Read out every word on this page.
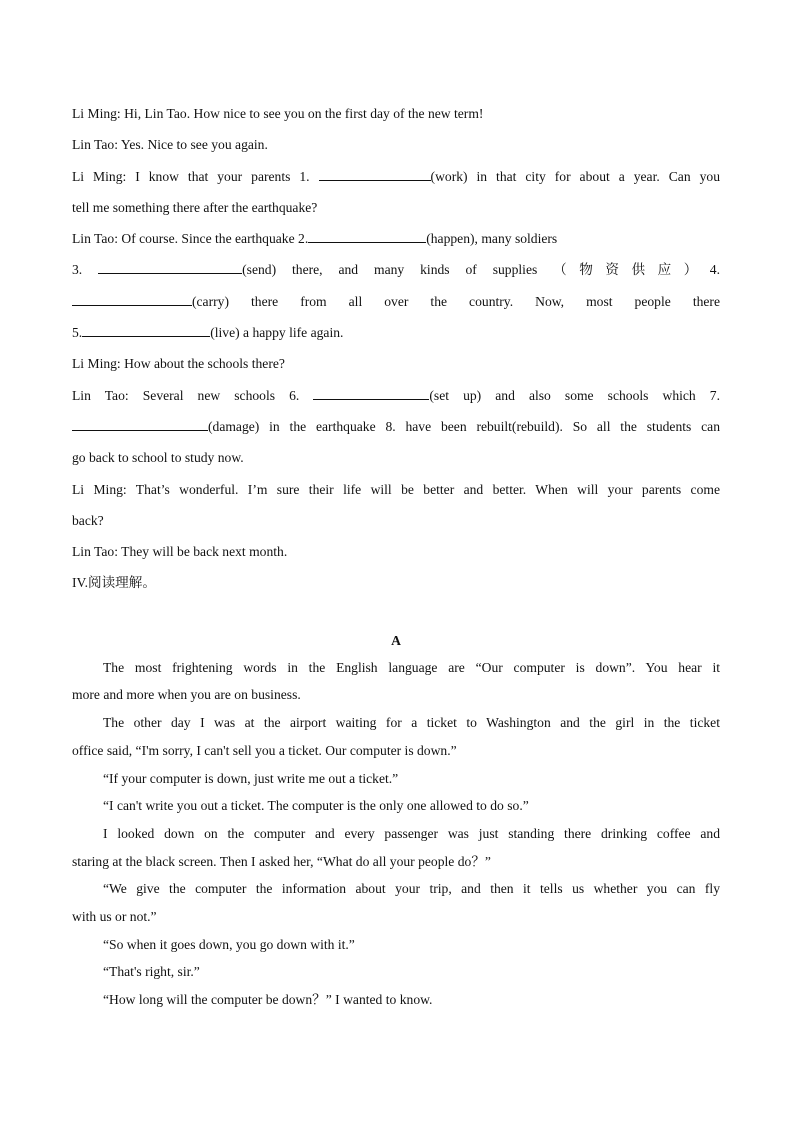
Li Ming: Hi, Lin Tao. How nice to see you on the first day of the new term!
Lin Tao: Yes. Nice to see you again.
Li Ming: I know that your parents 1.	(work) in that city for about a year. Can you
tell me something there after the earthquake?
Lin Tao: Of course. Since the earthquake 2.	(happen), many soldiers
3.	(send) there, and many kinds of supplies （物资供应）4.
(carry) there from all over the country. Now, most people there
5.	(live) a happy life again.
Li Ming: How about the schools there?
Lin Tao: Several new schools 6.	(set up) and also some schools which 7.
(damage) in the earthquake 8. have been rebuilt(rebuild). So all the students can
go back to school to study now.
Li Ming: That’s wonderful. I’m sure their life will be better and better. When will your parents come
back?
Lin Tao: They will be back next month.
IV.阅读理解。
A
The most frightening words in the English language are “Our computer is down”. You hear it
more and more when you are on business.
The other day I was at the airport waiting for a ticket to Washington and the girl in the ticket
office said, “I'm sorry, I can't sell you a ticket. Our computer is down.”
“If your computer is down, just write me out a ticket.”
“I can't write you out a ticket. The computer is the only one allowed to do so.”
I looked down on the computer and every passenger was just standing there drinking coffee and
staring at the black screen. Then I asked her, “What do all your people do？”
“We give the computer the information about your trip, and then it tells us whether you can fly
with us or not.”
“So when it goes down, you go down with it.”
“That's right, sir.”
“How long will the computer be down？” I wanted to know.
